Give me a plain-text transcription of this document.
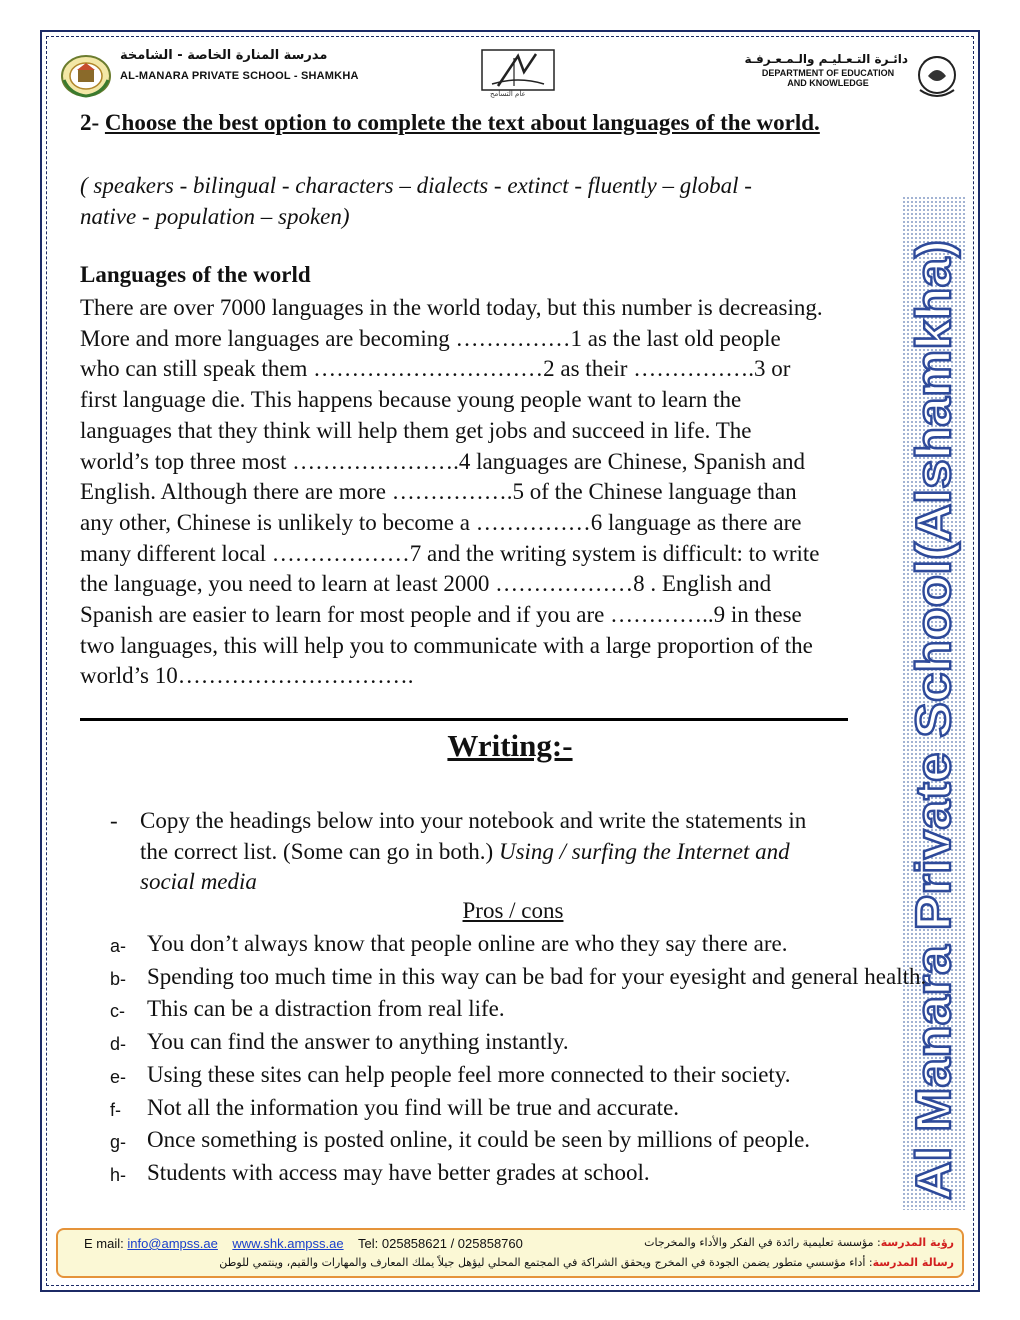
مدرسة المنارة الخاصة - الشامخة
AL-MANARA PRIVATE SCHOOL - SHAMKHA
عام التسامح
دائـرة التـعـليـم والـمـعـرفـة
DEPARTMENT OF EDUCATION
AND KNOWLEDGE
Al Manara Private School(Alshamkha)
2- Choose the best option to complete the text about languages of the world.
( speakers - bilingual - characters – dialects - extinct - fluently – global -
native - population – spoken)
Languages of the world
There are over 7000 languages in the world today, but this number is decreasing.
More and more languages are becoming ……………1 as the last old people
who can still speak them …………………………2 as their …………….3 or
first language die. This happens because young people want to learn the
languages that they think will help them get jobs and succeed in life. The
world’s top three most ………………….4 languages are Chinese, Spanish and
English. Although there are more …………….5 of the Chinese language than
any other, Chinese is unlikely to become a ……………6 language as there are
many different local ………………7 and the writing system is difficult: to write
the language, you need to learn at least 2000 ………………8 . English and
Spanish are easier to learn for most people and if you are …………..9 in these
two languages, this will help you to communicate with a large proportion of the
world’s 10………………………….
Writing:-
- Copy the headings below into your notebook and write the statements in
the correct list. (Some can go in both.) Using / surfing the Internet and
social media
Pros / cons
a- You don’t always know that people online are who they say there are.
b- Spending too much time in this way can be bad for your eyesight and general health.
c- This can be a distraction from real life.
d- You can find the answer to anything instantly.
e- Using these sites can help people feel more connected to their society.
f-	Not all the information you find will be true and accurate.
g- Once something is posted online, it could be seen by millions of people.
h- Students with access may have better grades at school.
E mail: info@ampss.ae www.shk.ampss.ae Tel: 025858621 / 025858760	رؤية المدرسة: مؤسسة تعليمية رائدة في الفكر والأداء والمخرجات
رسالة المدرسة: أداء مؤسسي متطور يضمن الجودة في المخرج ويحقق الشراكة في المجتمع المحلي ليؤهل جيلاً يملك المعارف والمهارات والقيم، وينتمي للوطن
